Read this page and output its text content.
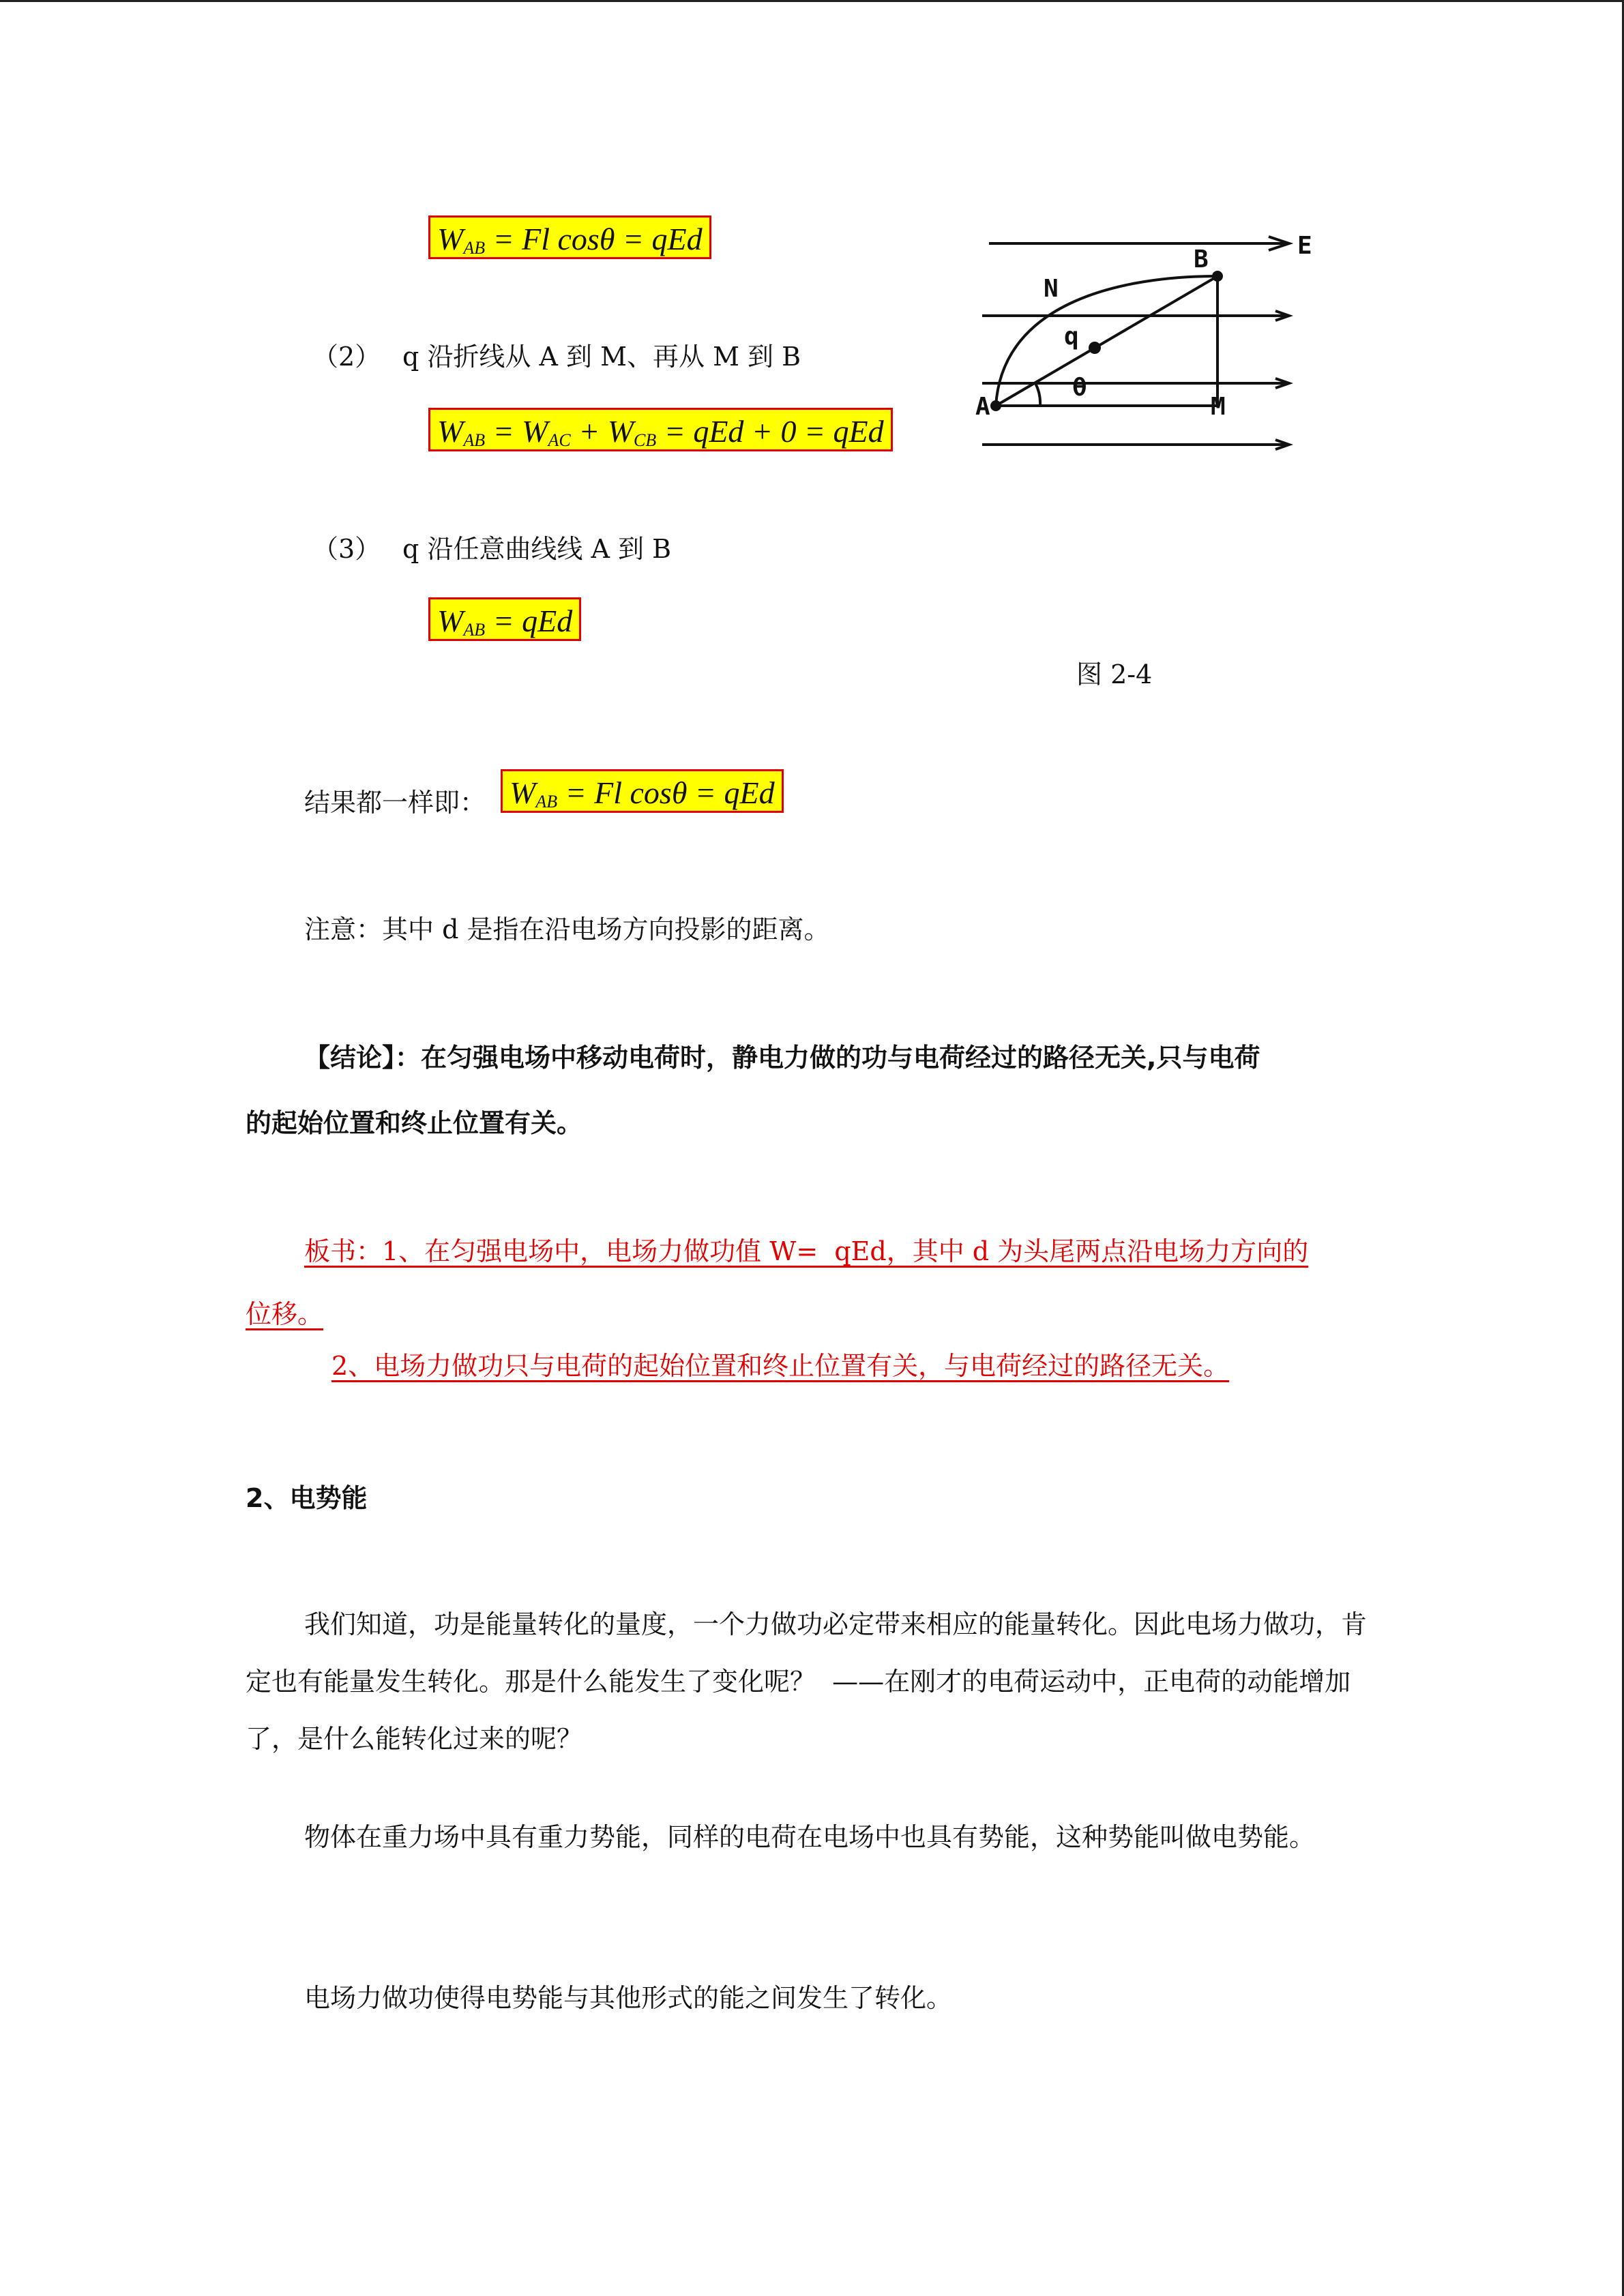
$W_{AB} = Fl$ cosθ = qEd
（2） q 沿折线从 A 到 M、再从 M 到 B
$W_{AB} = W_{AC} + W_{CB}$ = qEd + 0 = qEd
（3） q 沿任意曲线线 A 到 B
$W_{AB}$ = qEd
E
N
B
q
θ
A	M
图 2-4
结果都一样即： $W_{AB} = Fl$ cosθ = qEd
注意：其中 d 是指在沿电场方向投影的距离。
【结论】：在匀强电场中移动电荷时，静电力做的功与电荷经过的路径无关,只与电荷
的起始位置和终止位置有关。
板书：1、在匀强电场中，电场力做功值 W=  qEd，其中 d 为头尾两点沿电场力方向的
位移。
2、电场力做功只与电荷的起始位置和终止位置有关，与电荷经过的路径无关。
2、电势能
我们知道，功是能量转化的量度，一个力做功必定带来相应的能量转化。因此电场力做功，肯定也有能量发生转化。那是什么能发生了变化呢？  ——在刚才的电荷运动中，正电荷的动能增加了，是什么能转化过来的呢？
物体在重力场中具有重力势能，同样的电荷在电场中也具有势能，这种势能叫做电势能。
电场力做功使得电势能与其他形式的能之间发生了转化。
